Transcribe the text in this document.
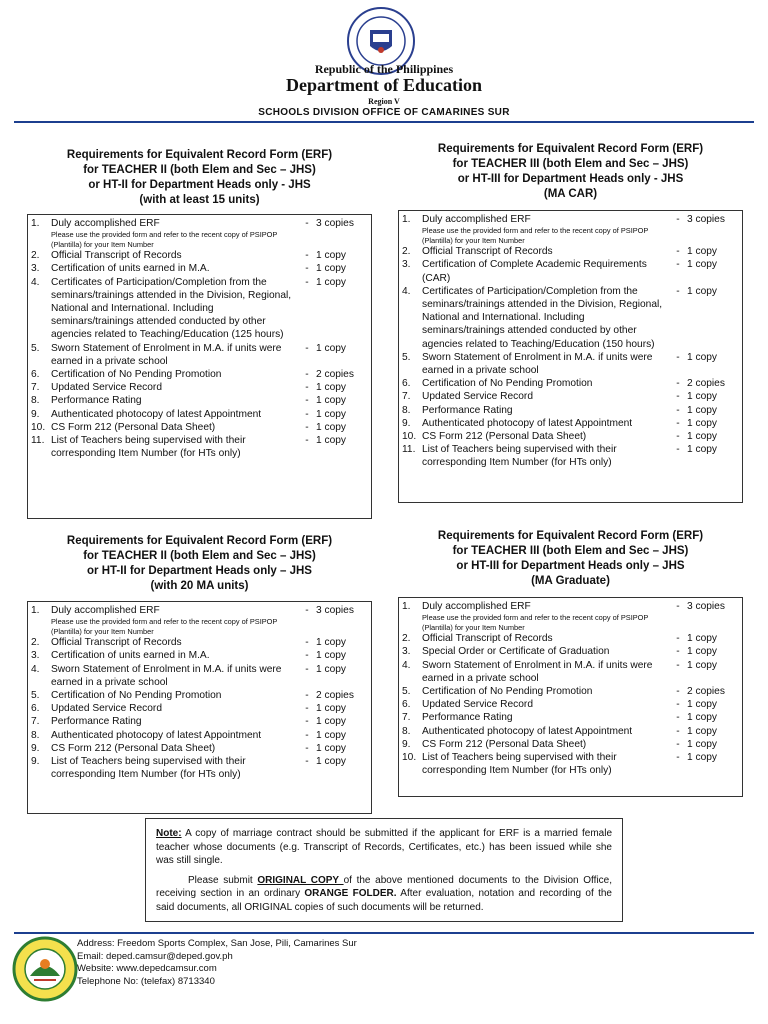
Republic of the Philippines
Department of Education
Region V
SCHOOLS DIVISION OFFICE OF CAMARINES SUR
Requirements for Equivalent Record Form (ERF)
for TEACHER II (both Elem and Sec – JHS)
or HT-II for Department Heads only - JHS
(with at least 15 units)
1.	Duly accomplished ERF
Please use the provided form and refer to the recent copy of PSIPOP (Plantilla) for your Item Number
- 3 copies
2.	Official Transcript of Records	- 1 copy
3.	Certification of units earned in M.A.	- 1 copy
4.	Certificates of Participation/Completion from the seminars/trainings attended in the Division, Regional, National and International. Including seminars/trainings attended conducted by other agencies related to Teaching/Education (125 hours)
- 1 copy
5.	Sworn Statement of Enrolment in M.A. if units were earned in a private school
- 1 copy
6.	Certification of No Pending Promotion	- 2 copies
7.	Updated Service Record	- 1 copy
8.	Performance Rating	- 1 copy
9.	Authenticated photocopy of latest Appointment	- 1 copy
10. CS Form 212 (Personal Data Sheet)	- 1 copy
11. List of Teachers being supervised with their corresponding Item Number (for HTs only)
- 1 copy
Requirements for Equivalent Record Form (ERF)
for TEACHER III (both Elem and Sec – JHS)
or HT-III for Department Heads only - JHS
(MA CAR)
1.	Duly accomplished ERF
Please use the provided form and refer to the recent copy of PSIPOP (Plantilla) for your Item Number
- 3 copies
2.	Official Transcript of Records	- 1 copy
3.	Certification of Complete Academic Requirements (CAR)
- 1 copy
4.	Certificates of Participation/Completion from the seminars/trainings attended in the Division, Regional, National and International. Including seminars/trainings attended conducted by other agencies related to Teaching/Education (150 hours)
- 1 copy
5.	Sworn Statement of Enrolment in M.A. if units were earned in a private school
- 1 copy
6.	Certification of No Pending Promotion	- 2 copies
7.	Updated Service Record	- 1 copy
8.	Performance Rating	- 1 copy
9.	Authenticated photocopy of latest Appointment	- 1 copy
10. CS Form 212 (Personal Data Sheet)	- 1 copy
11. List of Teachers being supervised with their corresponding Item Number (for HTs only)
- 1 copy
Requirements for Equivalent Record Form (ERF)
for TEACHER II (both Elem and Sec – JHS)
or HT-II for Department Heads only – JHS
(with 20 MA units)
1.	Duly accomplished ERF
Please use the provided form and refer to the recent copy of PSIPOP (Plantilla) for your Item Number
- 3 copies
2.	Official Transcript of Records	- 1 copy
3.	Certification of units earned in M.A.	- 1 copy
4.	Sworn Statement of Enrolment in M.A. if units were earned in a private school
- 1 copy
5.	Certification of No Pending Promotion	- 2 copies
6.	Updated Service Record	- 1 copy
7.	Performance Rating	- 1 copy
8.	Authenticated photocopy of latest Appointment	- 1 copy
9.	CS Form 212 (Personal Data Sheet)	- 1 copy
9.	List of Teachers being supervised with their corresponding Item Number (for HTs only)
- 1 copy
Requirements for Equivalent Record Form (ERF)
for TEACHER III (both Elem and Sec – JHS)
or HT-III for Department Heads only – JHS
(MA Graduate)
1.	Duly accomplished ERF
Please use the provided form and refer to the recent copy of PSIPOP (Plantilla) for your Item Number
- 3 copies
2.	Official Transcript of Records	- 1 copy
3.	Special Order or Certificate of Graduation	- 1 copy
4.	Sworn Statement of Enrolment in M.A. if units were earned in a private school
- 1 copy
5.	Certification of No Pending Promotion	- 2 copies
6.	Updated Service Record	- 1 copy
7.	Performance Rating	- 1 copy
8.	Authenticated photocopy of latest Appointment	- 1 copy
9.	CS Form 212 (Personal Data Sheet)	- 1 copy
10. List of Teachers being supervised with their corresponding Item Number (for HTs only)
- 1 copy

Note: A copy of marriage contract should be submitted if the applicant for ERF is a married female teacher whose documents (e.g. Transcript of Records, Certificates, etc.) has been issued while she was still single.

Please submit ORIGINAL COPY of the above mentioned documents to the Division Office, receiving section in an ordinary ORANGE FOLDER. After evaluation, notation and recording of the said documents, all ORIGINAL copies of such documents will be returned.

Address: Freedom Sports Complex, San Jose, Pili, Camarines Sur
Email: deped.camsur@deped.gov.ph
Website: www.depedcamsur.com
Telephone No: (telefax) 8713340
